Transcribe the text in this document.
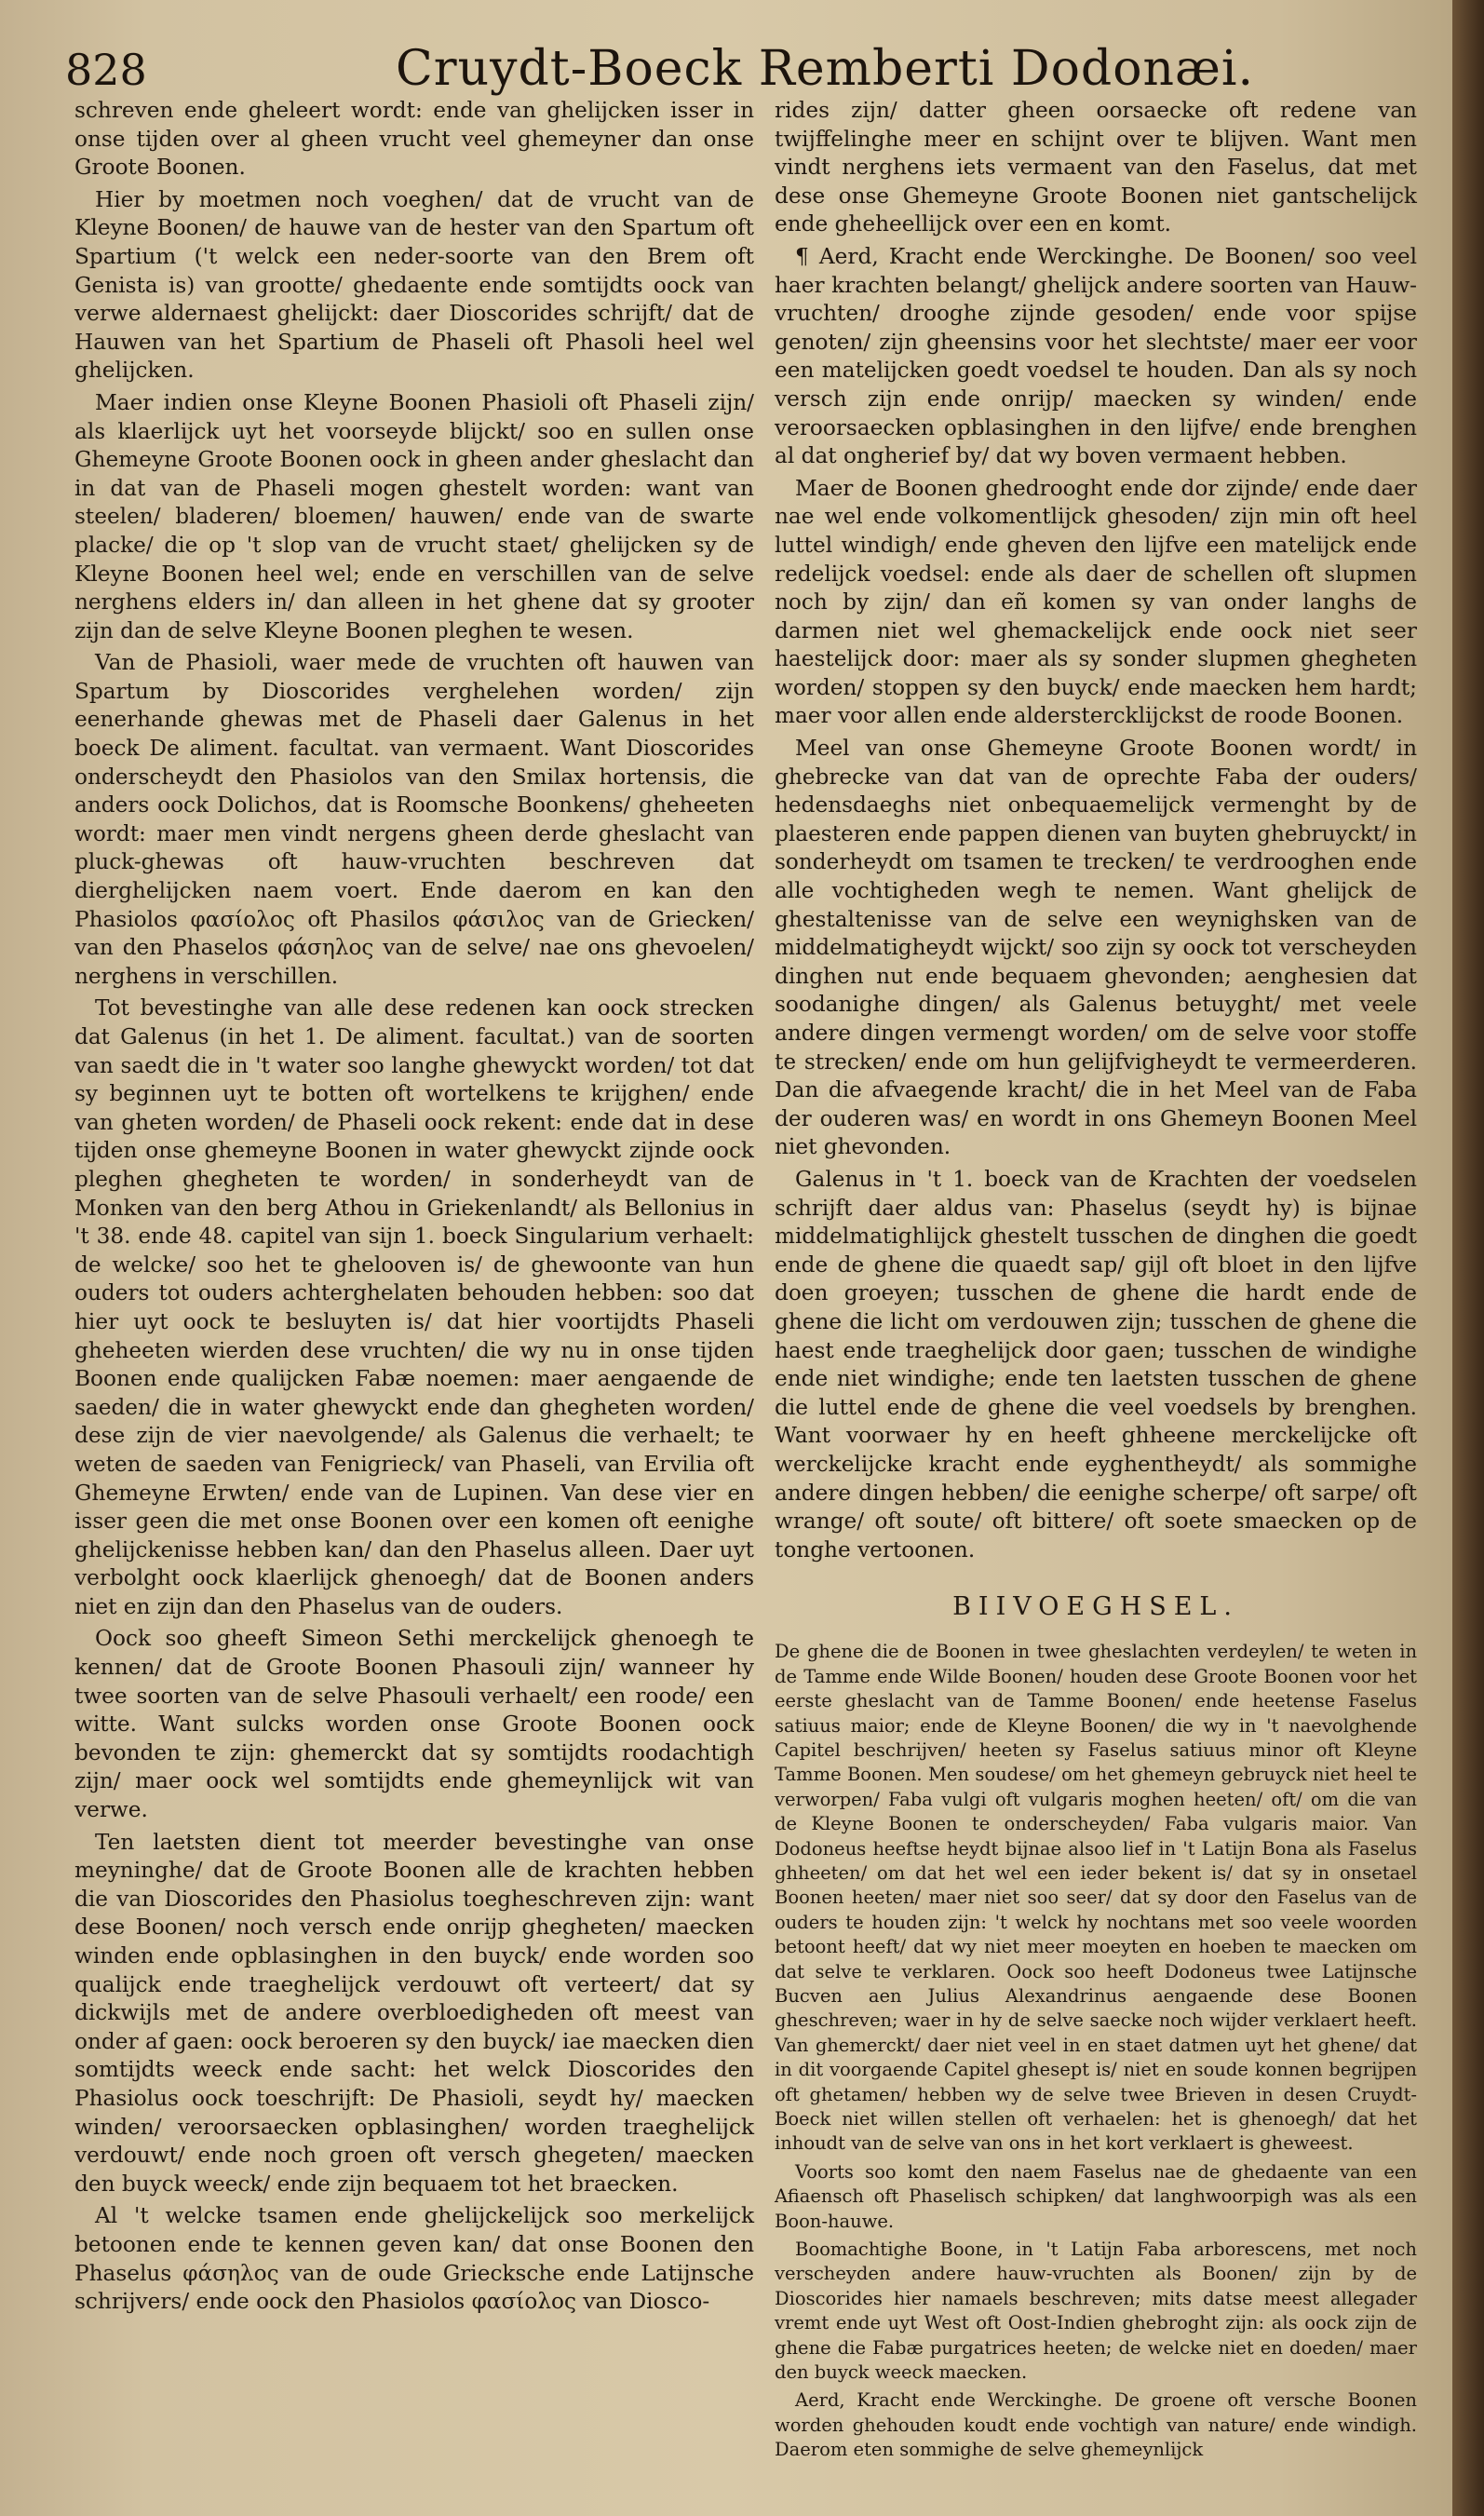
828	Cruydt-Boeck Remberti Dodonæi.

schreven ende gheleert wordt: ende van ghelijcken isser in onse tijden over al gheen vrucht veel ghemeyner dan onse Groote Boonen.

Hier by moetmen noch voeghen/ dat de vrucht van de Kleyne Boonen/ de hauwe van de hester van den Spartum oft Spartium ('t welck een neder-soorte van den Brem oft Genista is) van grootte/ ghedaente ende somtijdts oock van verwe aldernaest ghelijckt: daer Dioscorides schrijft/ dat de Hauwen van het Spartium de Phaseli oft Phasoli heel wel ghelijcken.

Maer indien onse Kleyne Boonen Phasioli oft Phaseli zijn/ als klaerlijck uyt het voorseyde blijckt/ soo en sullen onse Ghemeyne Groote Boonen oock in gheen ander gheslacht dan in dat van de Phaseli mogen ghestelt worden: want van steelen/ bladeren/ bloemen/ hauwen/ ende van de swarte placke/ die op 't slop van de vrucht staet/ ghelijcken sy de Kleyne Boonen heel wel; ende en verschillen van de selve nerghens elders in/ dan alleen in het ghene dat sy grooter zijn dan de selve Kleyne Boonen pleghen te wesen.

Van de Phasioli, waer mede de vruchten oft hauwen van Spartum by Dioscorides verghelehen worden/ zijn eenerhande ghewas met de Phaseli daer Galenus in het boeck De aliment. facultat. van vermaent. Want Dioscorides onderscheydt den Phasiolos van den Smilax hortensis, die anders oock Dolichos, dat is Roomsche Boonkens/ gheheeten wordt: maer men vindt nergens gheen derde gheslacht van pluck-ghewas oft hauw-vruchten beschreven dat dierghelijcken naem voert. Ende daerom en kan den Phasiolos φασίολος oft Phasilos φάσιλος van de Griecken/ van den Phaselos φάσηλος van de selve/ nae ons ghevoelen/ nerghens in verschillen.

Tot bevestinghe van alle dese redenen kan oock strecken dat Galenus (in het 1. De aliment. facultat.) van de soorten van saedt die in 't water soo langhe ghewyckt worden/ tot dat sy beginnen uyt te botten oft wortelkens te krijghen/ ende van gheten worden/ de Phaseli oock rekent: ende dat in dese tijden onse ghemeyne Boonen in water ghewyckt zijnde oock pleghen ghegheten te worden/ in sonderheydt van de Monken van den berg Athou in Griekenlandt/ als Bellonius in 't 38. ende 48. capitel van sijn 1. boeck Singularium verhaelt: de welcke/ soo het te ghelooven is/ de ghewoonte van hun ouders tot ouders achterghelaten behouden hebben: soo dat hier uyt oock te besluyten is/ dat hier voortijdts Phaseli gheheeten wierden dese vruchten/ die wy nu in onse tijden Boonen ende qualijcken Fabæ noemen: maer aengaende de saeden/ die in water ghewyckt ende dan ghegheten worden/ dese zijn de vier naevolgende/ als Galenus die verhaelt; te weten de saeden van Fenigrieck/ van Phaseli, van Ervilia oft Ghemeyne Erwten/ ende van de Lupinen. Van dese vier en isser geen die met onse Boonen over een komen oft eenighe ghelijckenisse hebben kan/ dan den Phaselus alleen. Daer uyt verbolght oock klaerlijck ghenoegh/ dat de Boonen anders niet en zijn dan den Phaselus van de ouders.

Oock soo gheeft Simeon Sethi merckelijck ghenoegh te kennen/ dat de Groote Boonen Phasouli zijn/ wanneer hy twee soorten van de selve Phasouli verhaelt/ een roode/ een witte. Want sulcks worden onse Groote Boonen oock bevonden te zijn: ghemerckt dat sy somtijdts roodachtigh zijn/ maer oock wel somtijdts ende ghemeynlijck wit van verwe.

Ten laetsten dient tot meerder bevestinghe van onse meyninghe/ dat de Groote Boonen alle de krachten hebben die van Dioscorides den Phasiolus toegheschreven zijn: want dese Boonen/ noch versch ende onrijp ghegheten/ maecken winden ende opblasinghen in den buyck/ ende worden soo qualijck ende traeghelijck verdouwt oft verteert/ dat sy dickwijls met de andere overbloedigheden oft meest van onder af gaen: oock beroeren sy den buyck/ iae maecken dien somtijdts weeck ende sacht: het welck Dioscorides den Phasiolus oock toeschrijft: De Phasioli, seydt hy/ maecken winden/ veroorsaecken opblasinghen/ worden traeghelijck verdouwt/ ende noch groen oft versch ghegeten/ maecken den buyck weeck/ ende zijn bequaem tot het braecken.

Al 't welcke tsamen ende ghelijckelijck soo merkelijck betoonen ende te kennen geven kan/ dat onse Boonen den Phaselus φάσηλος van de oude Griecksche ende Latijnsche schrijvers/ ende oock den Phasiolos φασίολος van Diosco-

rides zijn/ datter gheen oorsaecke oft redene van twijffelinghe meer en schijnt over te blijven. Want men vindt nerghens iets vermaent van den Faselus, dat met dese onse Ghemeyne Groote Boonen niet gantschelijck ende gheheellijck over een en komt.

¶ Aerd, Kracht ende Werckinghe. De Boonen/ soo veel haer krachten belangt/ ghelijck andere soorten van Hauw-vruchten/ drooghe zijnde gesoden/ ende voor spijse genoten/ zijn gheensins voor het slechtste/ maer eer voor een matelijcken goedt voedsel te houden. Dan als sy noch versch zijn ende onrijp/ maecken sy winden/ ende veroorsaecken opblasinghen in den lijfve/ ende brenghen al dat ongherief by/ dat wy boven vermaent hebben.

Maer de Boonen ghedrooght ende dor zijnde/ ende daer nae wel ende volkomentlijck ghesoden/ zijn min oft heel luttel windigh/ ende gheven den lijfve een matelijck ende redelijck voedsel: ende als daer de schellen oft slupmen noch by zijn/ dan eñ komen sy van onder langhs de darmen niet wel ghemackelijck ende oock niet seer haestelijck door: maer als sy sonder slupmen ghegheten worden/ stoppen sy den buyck/ ende maecken hem hardt; maer voor allen ende alderstercklijckst de roode Boonen.

Meel van onse Ghemeyne Groote Boonen wordt/ in ghebrecke van dat van de oprechte Faba der ouders/ hedensdaeghs niet onbequaemelijck vermenght by de plaesteren ende pappen dienen van buyten ghebruyckt/ in sonderheydt om tsamen te trecken/ te verdrooghen ende alle vochtigheden wegh te nemen. Want ghelijck de ghestaltenisse van de selve een weynighsken van de middelmatigheydt wijckt/ soo zijn sy oock tot verscheyden dinghen nut ende bequaem ghevonden; aenghesien dat soodanighe dingen/ als Galenus betuyght/ met veele andere dingen vermengt worden/ om de selve voor stoffe te strecken/ ende om hun gelijfvigheydt te vermeerderen. Dan die afvaegende kracht/ die in het Meel van de Faba der ouderen was/ en wordt in ons Ghemeyn Boonen Meel niet ghevonden.

Galenus in 't 1. boeck van de Krachten der voedselen schrijft daer aldus van: Phaselus (seydt hy) is bijnae middelmatighlijck ghestelt tusschen de dinghen die goedt ende de ghene die quaedt sap/ gijl oft bloet in den lijfve doen groeyen; tusschen de ghene die hardt ende de ghene die licht om verdouwen zijn; tusschen de ghene die haest ende traeghelijck door gaen; tusschen de windighe ende niet windighe; ende ten laetsten tusschen de ghene die luttel ende de ghene die veel voedsels by brenghen. Want voorwaer hy en heeft ghheene merckelijcke oft werckelijcke kracht ende eyghentheydt/ als sommighe andere dingen hebben/ die eenighe scherpe/ oft sarpe/ oft wrange/ oft soute/ oft bittere/ oft soete smaecken op de tonghe vertoonen.

BIIVOEGHSEL.

De ghene die de Boonen in twee gheslachten verdeylen/ te weten in de Tamme ende Wilde Boonen/ houden dese Groote Boonen voor het eerste gheslacht van de Tamme Boonen/ ende heetense Faselus satiuus maior; ende de Kleyne Boonen/ die wy in 't naevolghende Capitel beschrijven/ heeten sy Faselus satiuus minor oft Kleyne Tamme Boonen. Men soudese/ om het ghemeyn gebruyck niet heel te verworpen/ Faba vulgi oft vulgaris moghen heeten/ oft/ om die van de Kleyne Boonen te onderscheyden/ Faba vulgaris maior. Van Dodoneus heeftse heydt bijnae alsoo lief in 't Latijn Bona als Faselus ghheeten/ om dat het wel een ieder bekent is/ dat sy in onsetael Boonen heeten/ maer niet soo seer/ dat sy door den Faselus van de ouders te houden zijn: 't welck hy nochtans met soo veele woorden betoont heeft/ dat wy niet meer moeyten en hoeben te maecken om dat selve te verklaren. Oock soo heeft Dodoneus twee Latijnsche Bucven aen Julius Alexandrinus aengaende dese Boonen gheschreven; waer in hy de selve saecke noch wijder verklaert heeft. Van ghemerckt/ daer niet veel in en staet datmen uyt het ghene/ dat in dit voorgaende Capitel ghesept is/ niet en soude konnen begrijpen oft ghetamen/ hebben wy de selve twee Brieven in desen Cruydt-Boeck niet willen stellen oft verhaelen: het is ghenoegh/ dat het inhoudt van de selve van ons in het kort verklaert is gheweest.

Voorts soo komt den naem Faselus nae de ghedaente van een Afiaensch oft Phaselisch schipken/ dat langhwoorpigh was als een Boon-hauwe.

Boomachtighe Boone, in 't Latijn Faba arborescens, met noch verscheyden andere hauw-vruchten als Boonen/ zijn by de Dioscorides hier namaels beschreven; mits datse meest allegader vremt ende uyt West oft Oost-Indien ghebroght zijn: als oock zijn de ghene die Fabæ purgatrices heeten; de welcke niet en doeden/ maer den buyck weeck maecken.

Aerd, Kracht ende Werckinghe. De groene oft versche Boonen worden ghehouden koudt ende vochtigh van nature/ ende windigh. Daerom eten sommighe de selve ghemeynlijck
